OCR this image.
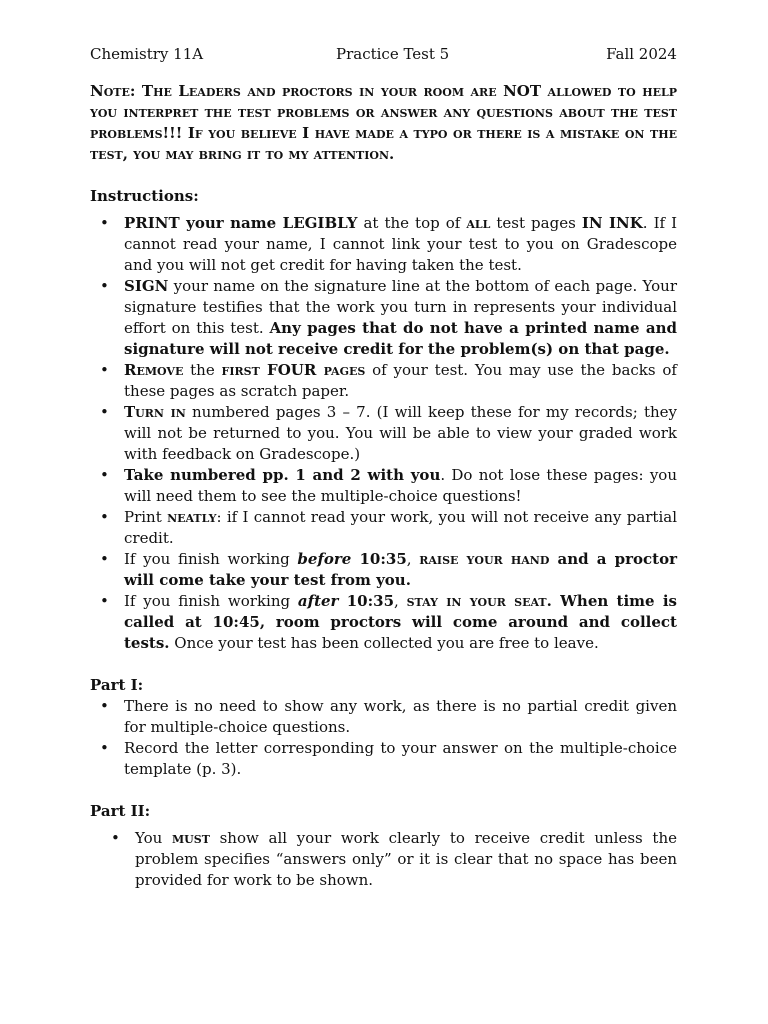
Chemistry 11A	Practice Test 5	Fall 2024
Note: The Leaders and proctors in your room are NOT allowed to help you interpret the test problems or answer any questions about the test problems!!! If you believe I have made a typo or there is a mistake on the test, you may bring it to my attention.
Instructions:
• PRINT your name LEGIBLY at the top of all test pages IN INK. If I cannot read your name, I cannot link your test to you on Gradescope and you will not get credit for having taken the test.
• SIGN your name on the signature line at the bottom of each page. Your signature testifies that the work you turn in represents your individual effort on this test. Any pages that do not have a printed name and signature will not receive credit for the problem(s) on that page.
• Remove the first FOUR pages of your test. You may use the backs of these pages as scratch paper.
• Turn in numbered pages 3 – 7. (I will keep these for my records; they will not be returned to you. You will be able to view your graded work with feedback on Gradescope.)
• Take numbered pp. 1 and 2 with you. Do not lose these pages: you will need them to see the multiple-choice questions!
• Print neatly: if I cannot read your work, you will not receive any partial credit.
• If you finish working before 10:35, raise your hand and a proctor will come take your test from you.
• If you finish working after 10:35, stay in your seat. When time is called at 10:45, room proctors will come around and collect tests. Once your test has been collected you are free to leave.
Part I:
• There is no need to show any work, as there is no partial credit given for multiple-choice questions.
• Record the letter corresponding to your answer on the multiple-choice template (p. 3).
Part II:
• You must show all your work clearly to receive credit unless the problem specifies “answers only” or it is clear that no space has been provided for work to be shown.
